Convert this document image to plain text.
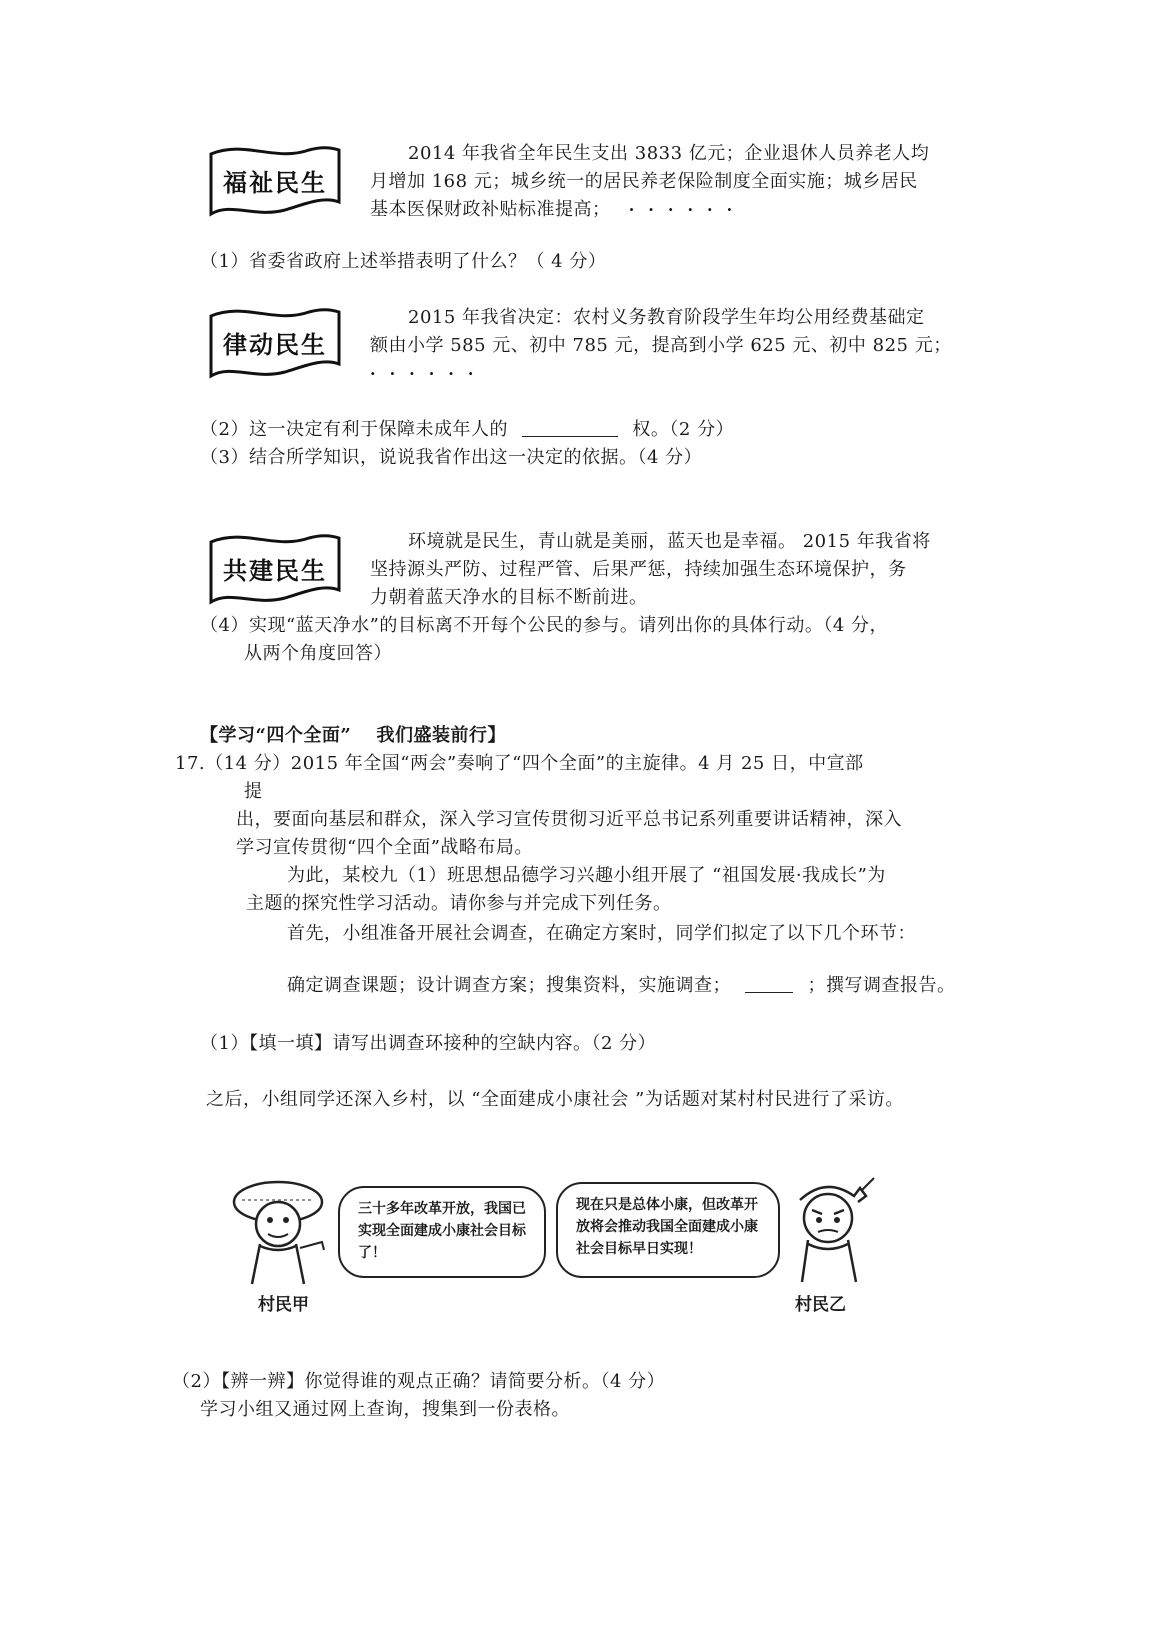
福祉民生
2014 年我省全年民生支出 3833 亿元；企业退休人员养老人均
月增加 168 元；城乡统一的居民养老保险制度全面实施；城乡居民
基本医保财政补贴标准提高； ······
（1）省委省政府上述举措表明了什么？（ 4 分）
律动民生
2015 年我省决定：农村义务教育阶段学生年均公用经费基础定
额由小学 585 元、初中 785 元，提高到小学 625 元、初中 825 元；
······
（2）这一决定有利于保障未成年人的	权。（2 分）
（3）结合所学知识，说说我省作出这一决定的依据。（4 分）
共建民生
环境就是民生，青山就是美丽，蓝天也是幸福。 2015 年我省将
坚持源头严防、过程严管、后果严惩，持续加强生态环境保护，务
力朝着蓝天净水的目标不断前进。
（4）实现“蓝天净水”的目标离不开每个公民的参与。请列出你的具体行动。（4 分，
从两个角度回答）
【学习“四个全面”　 我们盛装前行】
17.（14 分）2015 年全国“两会”奏响了“四个全面”的主旋律。4 月 25 日，中宣部
提
出，要面向基层和群众，深入学习宣传贯彻习近平总书记系列重要讲话精神，深入
学习宣传贯彻“四个全面”战略布局。
为此，某校九（1）班思想品德学习兴趣小组开展了 “祖国发展·我成长”为
主题的探究性学习活动。请你参与并完成下列任务。
首先，小组准备开展社会调查，在确定方案时，同学们拟定了以下几个环节：
确定调查课题；设计调查方案；搜集资料，实施调查；	；撰写调查报告。
（1）【填一填】请写出调查环接种的空缺内容。（2 分）
之后，小组同学还深入乡村，以 “全面建成小康社会 ”为话题对某村村民进行了采访。
三十多年改革开放，我国已实现全面建成小康社会目标了！
现在只是总体小康，但改革开放将会推动我国全面建成小康社会目标早日实现！
村民甲	村民乙
（2）【辨一辨】你觉得谁的观点正确？请简要分析。（4 分）
学习小组又通过网上查询，搜集到一份表格。
